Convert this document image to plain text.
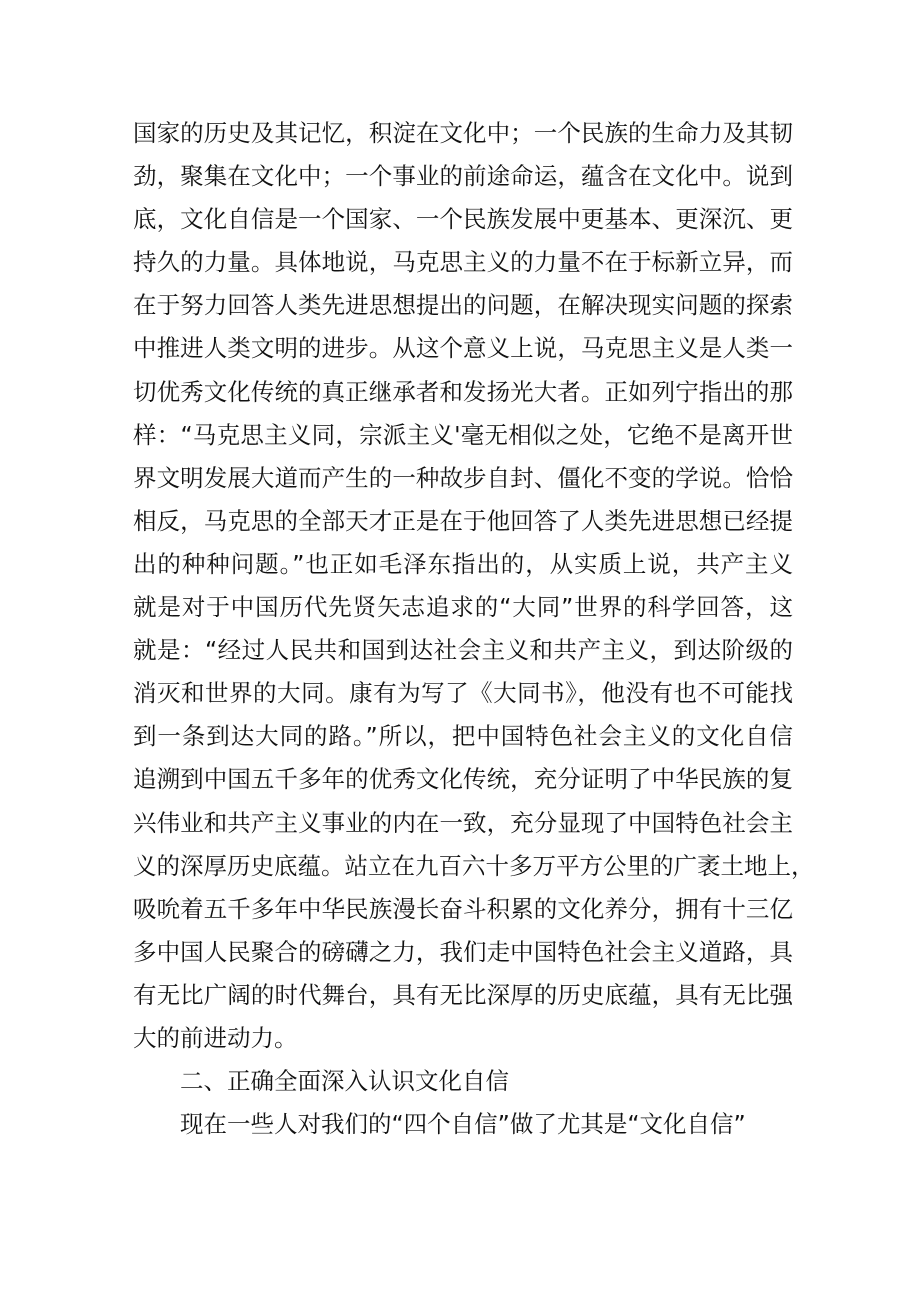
国家的历史及其记忆，积淀在文化中；一个民族的生命力及其韧
劲，聚集在文化中；一个事业的前途命运，蕴含在文化中。说到
底，文化自信是一个国家、一个民族发展中更基本、更深沉、更
持久的力量。具体地说，马克思主义的力量不在于标新立异，而
在于努力回答人类先进思想提出的问题，在解决现实问题的探索
中推进人类文明的进步。从这个意义上说，马克思主义是人类一
切优秀文化传统的真正继承者和发扬光大者。正如列宁指出的那
样：“马克思主义同，宗派主义'毫无相似之处，它绝不是离开世
界文明发展大道而产生的一种故步自封、僵化不变的学说。恰恰
相反，马克思的全部天才正是在于他回答了人类先进思想已经提
出的种种问题。”也正如毛泽东指出的，从实质上说，共产主义
就是对于中国历代先贤矢志追求的“大同”世界的科学回答，这
就是：“经过人民共和国到达社会主义和共产主义，到达阶级的
消灭和世界的大同。康有为写了《大同书》，他没有也不可能找
到一条到达大同的路。”所以，把中国特色社会主义的文化自信
追溯到中国五千多年的优秀文化传统，充分证明了中华民族的复
兴伟业和共产主义事业的内在一致，充分显现了中国特色社会主
义的深厚历史底蕴。站立在九百六十多万平方公里的广袤土地上，
吸吮着五千多年中华民族漫长奋斗积累的文化养分，拥有十三亿
多中国人民聚合的磅礴之力，我们走中国特色社会主义道路，具
有无比广阔的时代舞台，具有无比深厚的历史底蕴，具有无比强
大的前进动力。
二、正确全面深入认识文化自信
现在一些人对我们的“四个自信”做了尤其是“文化自信”
